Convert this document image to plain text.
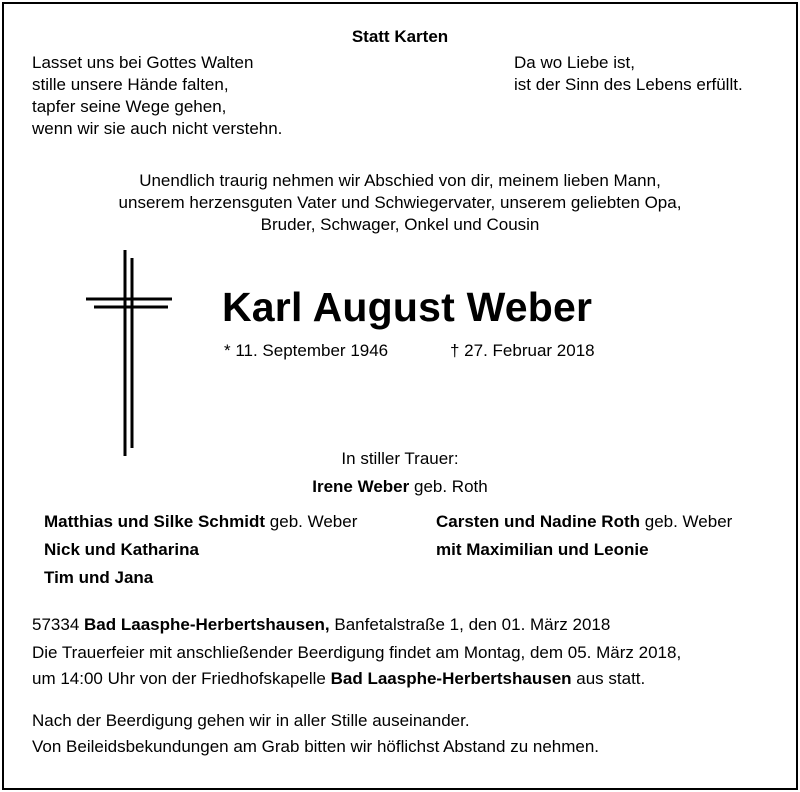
Statt Karten
Lasset uns bei Gottes Walten
stille unsere Hände falten,
tapfer seine Wege gehen,
wenn wir sie auch nicht verstehn.
Da wo Liebe ist,
ist der Sinn des Lebens erfüllt.
Unendlich traurig nehmen wir Abschied von dir, meinem lieben Mann,
unserem herzensguten Vater und Schwiegervater, unserem geliebten Opa,
Bruder, Schwager, Onkel und Cousin
Karl August Weber
* 11. September 1946	† 27. Februar 2018
In stiller Trauer:
Irene Weber geb. Roth
Matthias und Silke Schmidt geb. Weber
Nick und Katharina
Tim und Jana
Carsten und Nadine Roth geb. Weber
mit Maximilian und Leonie
57334 Bad Laasphe-Herbertshausen, Banfetalstraße 1, den 01. März 2018
Die Trauerfeier mit anschließender Beerdigung findet am Montag, dem 05. März 2018,
um 14:00 Uhr von der Friedhofskapelle Bad Laasphe-Herbertshausen aus statt.
Nach der Beerdigung gehen wir in aller Stille auseinander.
Von Beileidsbekundungen am Grab bitten wir höflichst Abstand zu nehmen.
